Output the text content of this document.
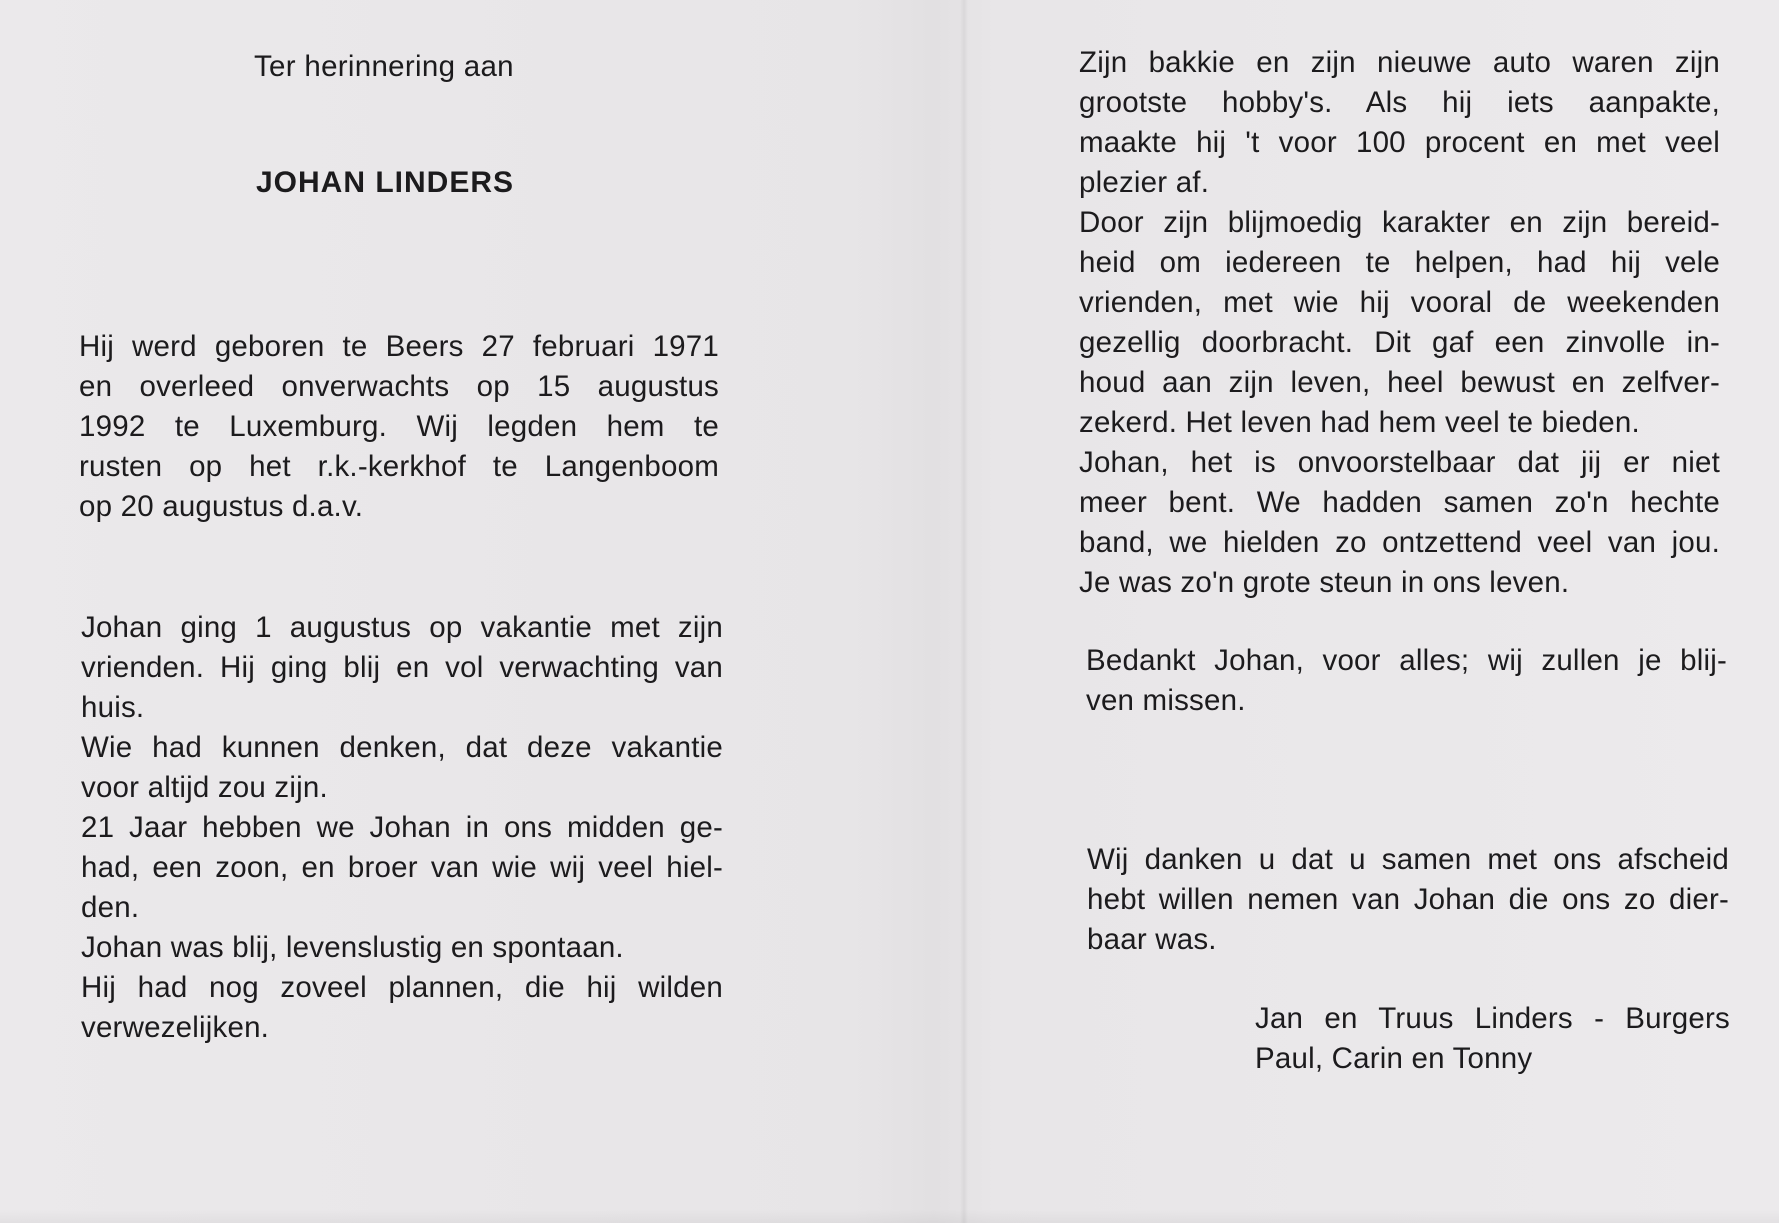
Ter herinnering aan
JOHAN LINDERS
Hij werd geboren te Beers 27 februari 1971
en overleed onverwachts op 15 augustus
1992 te Luxemburg. Wij legden hem te
rusten op het r.k.-kerkhof te Langenboom
op 20 augustus d.a.v.
Johan ging 1 augustus op vakantie met zijn
vrienden. Hij ging blij en vol verwachting van
huis.
Wie had kunnen denken, dat deze vakantie
voor altijd zou zijn.
21 Jaar hebben we Johan in ons midden ge-
had, een zoon, en broer van wie wij veel hiel-
den.
Johan was blij, levenslustig en spontaan.
Hij had nog zoveel plannen, die hij wilden
verwezelijken.
Zijn bakkie en zijn nieuwe auto waren zijn
grootste hobby's. Als hij iets aanpakte,
maakte hij 't voor 100 procent en met veel
plezier af.
Door zijn blijmoedig karakter en zijn bereid-
heid om iedereen te helpen, had hij vele
vrienden, met wie hij vooral de weekenden
gezellig doorbracht. Dit gaf een zinvolle in-
houd aan zijn leven, heel bewust en zelfver-
zekerd. Het leven had hem veel te bieden.
Johan, het is onvoorstelbaar dat jij er niet
meer bent. We hadden samen zo'n hechte
band, we hielden zo ontzettend veel van jou.
Je was zo'n grote steun in ons leven.
Bedankt Johan, voor alles; wij zullen je blij-
ven missen.
Wij danken u dat u samen met ons afscheid
hebt willen nemen van Johan die ons zo dier-
baar was.
Jan en Truus Linders - Burgers
Paul, Carin en Tonny
